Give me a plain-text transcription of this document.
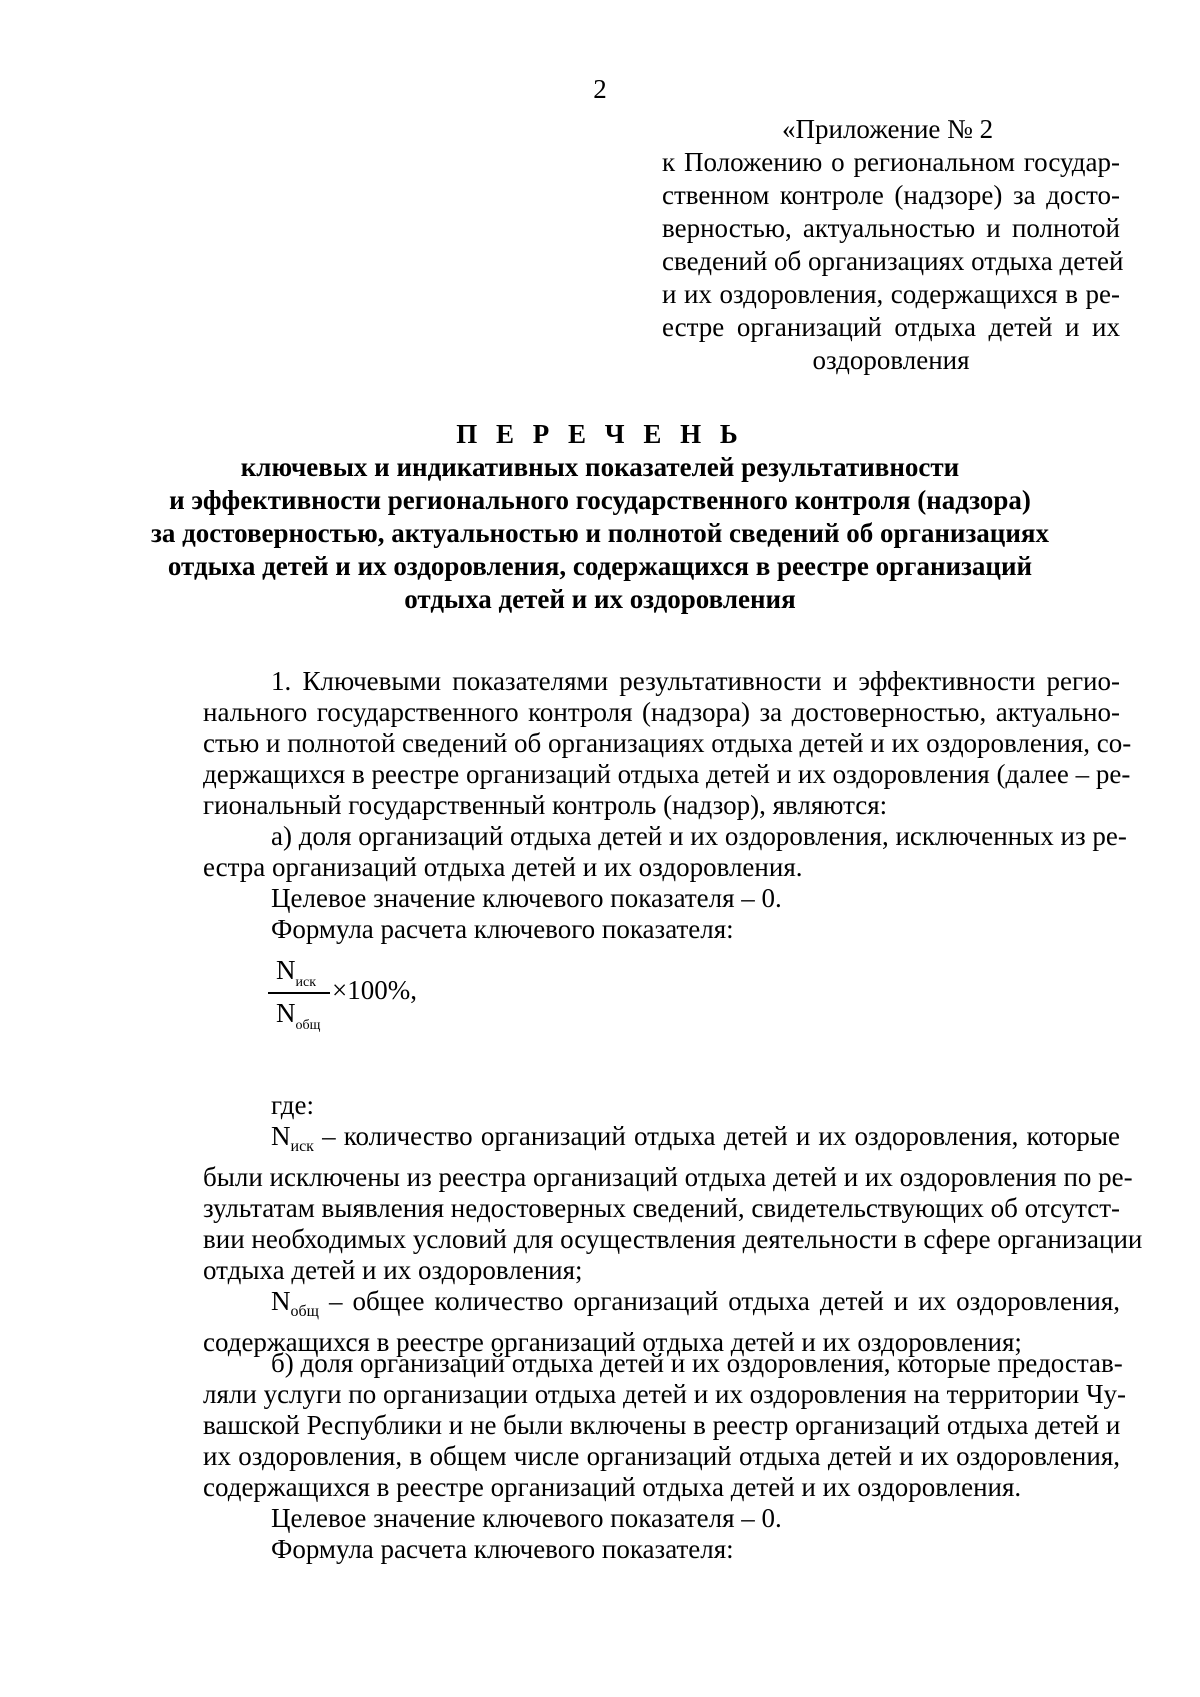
2
«Приложение № 2
к Положению о региональном государ-
ственном контроле (надзоре) за досто-
верностью, актуальностью и полнотой
сведений об организациях отдыха детей
и их оздоровления, содержащихся в ре-
естре организаций отдыха детей и их
оздоровления
П Е Р Е Ч Е Н Ь
ключевых и индикативных показателей результативности
и эффективности регионального государственного контроля (надзора)
за достоверностью, актуальностью и полнотой сведений об организациях
отдыха детей и их оздоровления, содержащихся в реестре организаций
отдыха детей и их оздоровления
1. Ключевыми показателями результативности и эффективности регио-
нального государственного контроля (надзора) за достоверностью, актуально-
стью и полнотой сведений об организациях отдыха детей и их оздоровления, со-
держащихся в реестре организаций отдыха детей и их оздоровления (далее – ре-
гиональный государственный контроль (надзор), являются:
а) доля организаций отдыха детей и их оздоровления, исключенных из ре-
естра организаций отдыха детей и их оздоровления.
Целевое значение ключевого показателя – 0.
Формула расчета ключевого показателя:
$N_{иск}$
$N_{общ}$
×100%,
где:
$N_{иск}$ – количество организаций отдыха детей и их оздоровления, которые
были исключены из реестра организаций отдыха детей и их оздоровления по ре-
зультатам выявления недостоверных сведений, свидетельствующих об отсутст-
вии необходимых условий для осуществления деятельности в сфере организации
отдыха детей и их оздоровления;
$N_{общ}$ – общее количество организаций отдыха детей и их оздоровления,
содержащихся в реестре организаций отдыха детей и их оздоровления;
б) доля организаций отдыха детей и их оздоровления, которые предостав-
ляли услуги по организации отдыха детей и их оздоровления на территории Чу-
вашской Республики и не были включены в реестр организаций отдыха детей и
их оздоровления, в общем числе организаций отдыха детей и их оздоровления,
содержащихся в реестре организаций отдыха детей и их оздоровления.
Целевое значение ключевого показателя – 0.
Формула расчета ключевого показателя:
